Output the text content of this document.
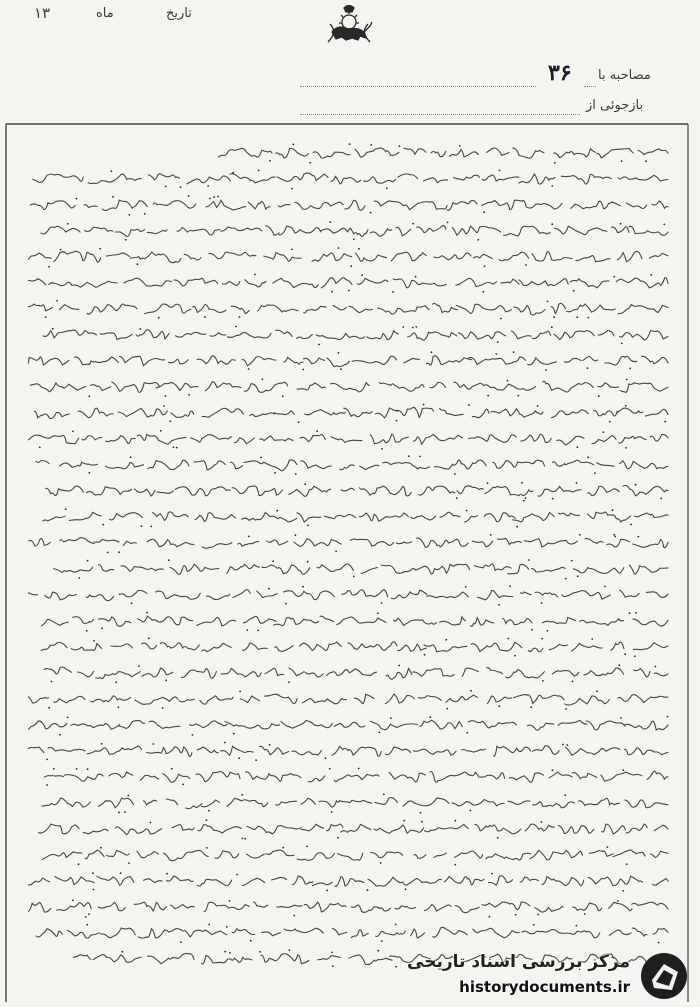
۱۳	ماه	تاریخ
۳۶ مصاحبه با
بازجوئی از
مرکز بررسی اسناد تاریخی
historydocuments.ir
